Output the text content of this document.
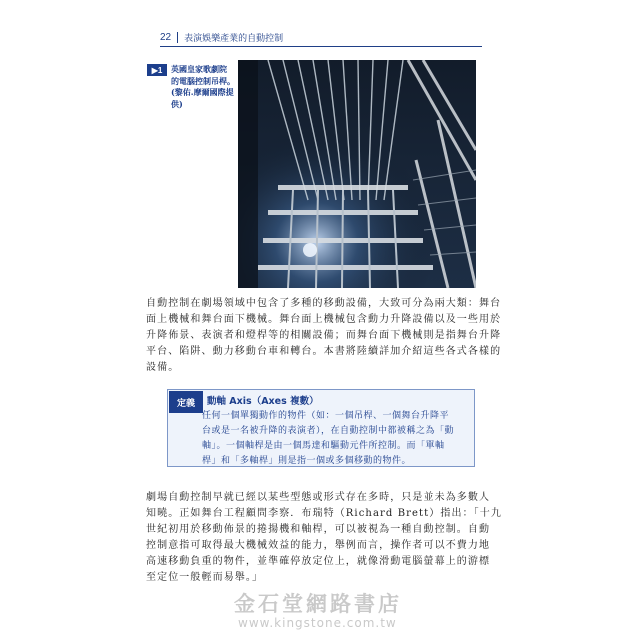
22 表演娛樂產業的自動控制
▶1	英國皇家歌劇院
的電腦控制吊桿。
(黎佑.摩爾國際提
供)
自動控制在劇場領域中包含了多種的移動設備，大致可分為兩大類：舞台
面上機械和舞台面下機械。舞台面上機械包含動力升降設備以及一些用於
升降佈景、表演者和燈桿等的相關設備；而舞台面下機械則是指舞台升降
平台、陷阱、動力移動台車和轉台。本書將陸續詳加介紹這些各式各樣的
設備。
定義	動軸 Axis（Axes 複數）
任何一個單獨動作的物件（如：一個吊桿、一個舞台升降平
台或是一名被升降的表演者），在自動控制中都被稱之為「動
軸」。一個軸桿是由一個馬達和驅動元件所控制。而「單軸
桿」和「多軸桿」則是指一個或多個移動的物件。
劇場自動控制早就已經以某些型態或形式存在多時，只是並未為多數人
知曉。正如舞台工程顧問李察．布瑞特（Richard Brett）指出：「十九
世紀初用於移動佈景的捲揚機和軸桿，可以被視為一種自動控制。自動
控制意指可取得最大機械效益的能力，舉例而言，操作者可以不費力地
高速移動負重的物件，並準確停放定位上，就像滑動電腦螢幕上的游標
至定位一般輕而易舉。」
金石堂網路書店
www.kingstone.com.tw
